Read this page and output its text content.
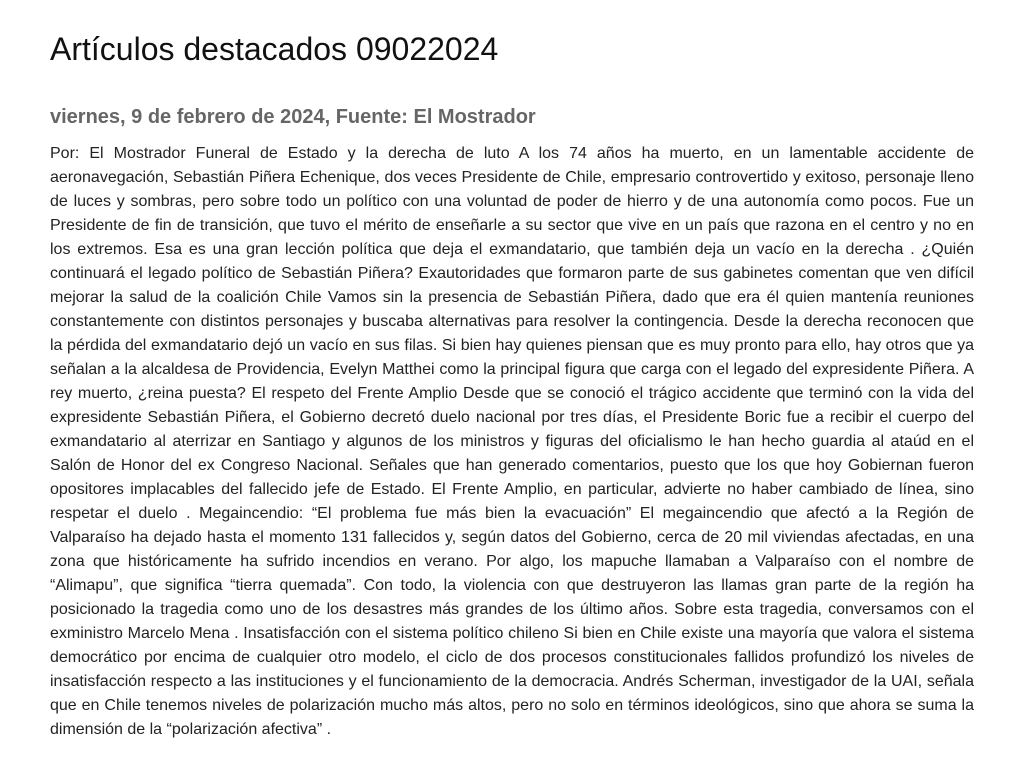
Artículos destacados 09022024
viernes, 9 de febrero de 2024, Fuente: El Mostrador

Por: El Mostrador Funeral de Estado y la derecha de luto A los 74 años ha muerto, en un lamentable accidente de aeronavegación, Sebastián Piñera Echenique, dos veces Presidente de Chile, empresario controvertido y exitoso, personaje lleno de luces y sombras, pero sobre todo un político con una voluntad de poder de hierro y de una autonomía como pocos. Fue un Presidente de fin de transición, que tuvo el mérito de enseñarle a su sector que vive en un país que razona en el centro y no en los extremos. Esa es una gran lección política que deja el exmandatario, que también deja un vacío en la derecha . ¿Quién continuará el legado político de Sebastián Piñera? Exautoridades que formaron parte de sus gabinetes comentan que ven difícil mejorar la salud de la coalición Chile Vamos sin la presencia de Sebastián Piñera, dado que era él quien mantenía reuniones constantemente con distintos personajes y buscaba alternativas para resolver la contingencia. Desde la derecha reconocen que la pérdida del exmandatario dejó un vacío en sus filas. Si bien hay quienes piensan que es muy pronto para ello, hay otros que ya señalan a la alcaldesa de Providencia, Evelyn Matthei como la principal figura que carga con el legado del expresidente Piñera. A rey muerto, ¿reina puesta? El respeto del Frente Amplio Desde que se conoció el trágico accidente que terminó con la vida del expresidente Sebastián Piñera, el Gobierno decretó duelo nacional por tres días, el Presidente Boric fue a recibir el cuerpo del exmandatario al aterrizar en Santiago y algunos de los ministros y figuras del oficialismo le han hecho guardia al ataúd en el Salón de Honor del ex Congreso Nacional. Señales que han generado comentarios, puesto que los que hoy Gobiernan fueron opositores implacables del fallecido jefe de Estado. El Frente Amplio, en particular, advierte no haber cambiado de línea, sino respetar el duelo . Megaincendio: “El problema fue más bien la evacuación” El megaincendio que afectó a la Región de Valparaíso ha dejado hasta el momento 131 fallecidos y, según datos del Gobierno, cerca de 20 mil viviendas afectadas, en una zona que históricamente ha sufrido incendios en verano. Por algo, los mapuche llamaban a Valparaíso con el nombre de “Alimapu”, que significa “tierra quemada”. Con todo, la violencia con que destruyeron las llamas gran parte de la región ha posicionado la tragedia como uno de los desastres más grandes de los último años. Sobre esta tragedia, conversamos con el exministro Marcelo Mena . Insatisfacción con el sistema político chileno Si bien en Chile existe una mayoría que valora el sistema democrático por encima de cualquier otro modelo, el ciclo de dos procesos constitucionales fallidos profundizó los niveles de insatisfacción respecto a las instituciones y el funcionamiento de la democracia. Andrés Scherman, investigador de la UAI, señala que en Chile tenemos niveles de polarización mucho más altos, pero no solo en términos ideológicos, sino que ahora se suma la dimensión de la “polarización afectiva” .
